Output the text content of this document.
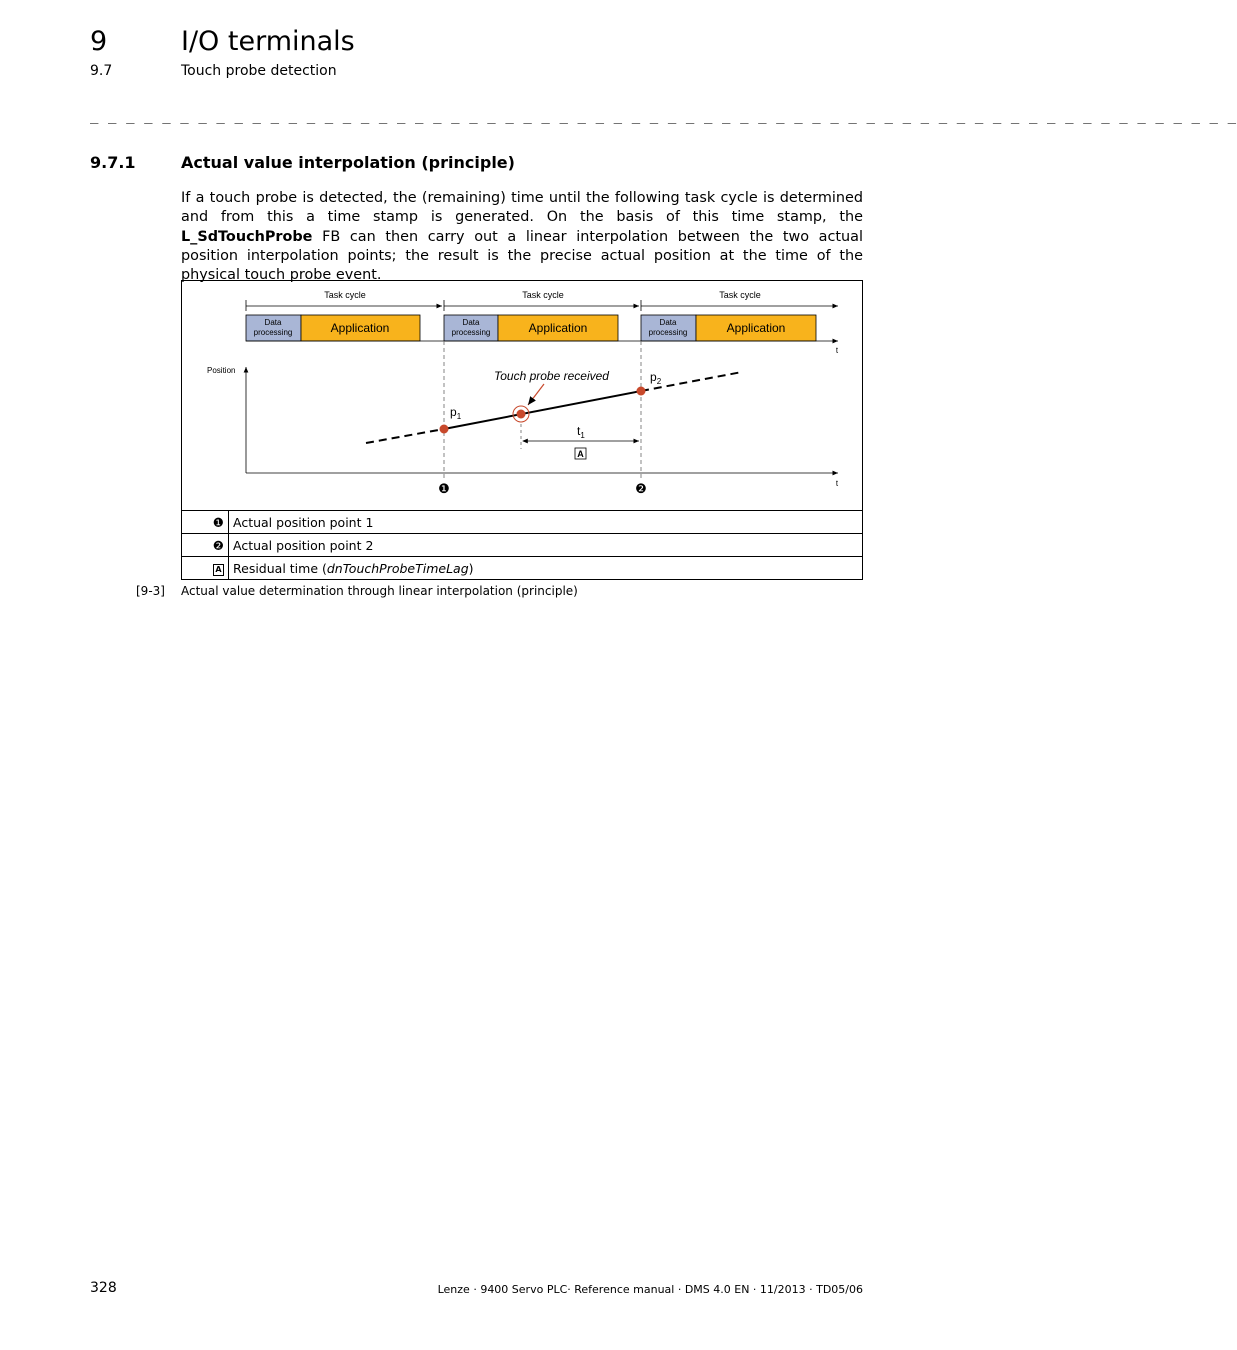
9	I/O terminals
9.7	Touch probe detection
_ _ _ _ _ _ _ _ _ _ _ _ _ _ _ _ _ _ _ _ _ _ _ _ _ _ _ _ _ _ _ _ _ _ _ _ _ _ _ _ _ _ _ _ _ _ _ _ _ _ _ _ _ _ _ _ _ _ _ _ _ _ _ _
9.7.1	Actual value interpolation (principle)
If a touch probe is detected, the (remaining) time until the following task cycle is determined and from this a time stamp is generated. On the basis of this time stamp, the L_SdTouchProbe FB can then carry out a linear interpolation between the two actual position interpolation points; the result is the precise actual position at the time of the physical touch probe event.
Task cycle	Task cycle	Task cycle
Data
processing
Data
processing
Data
processing
Application	Application	Application
t
Position
t
$p_1$
$p_2$
Touch probe received
$t_1$
A
❶	❷
❶	Actual position point 1
❷	Actual position point 2
A	Residual time (dnTouchProbeTimeLag)
[9-3] Actual value determination through linear interpolation (principle)
328	Lenze · 9400 Servo PLC· Reference manual · DMS 4.0 EN · 11/2013 · TD05/06
